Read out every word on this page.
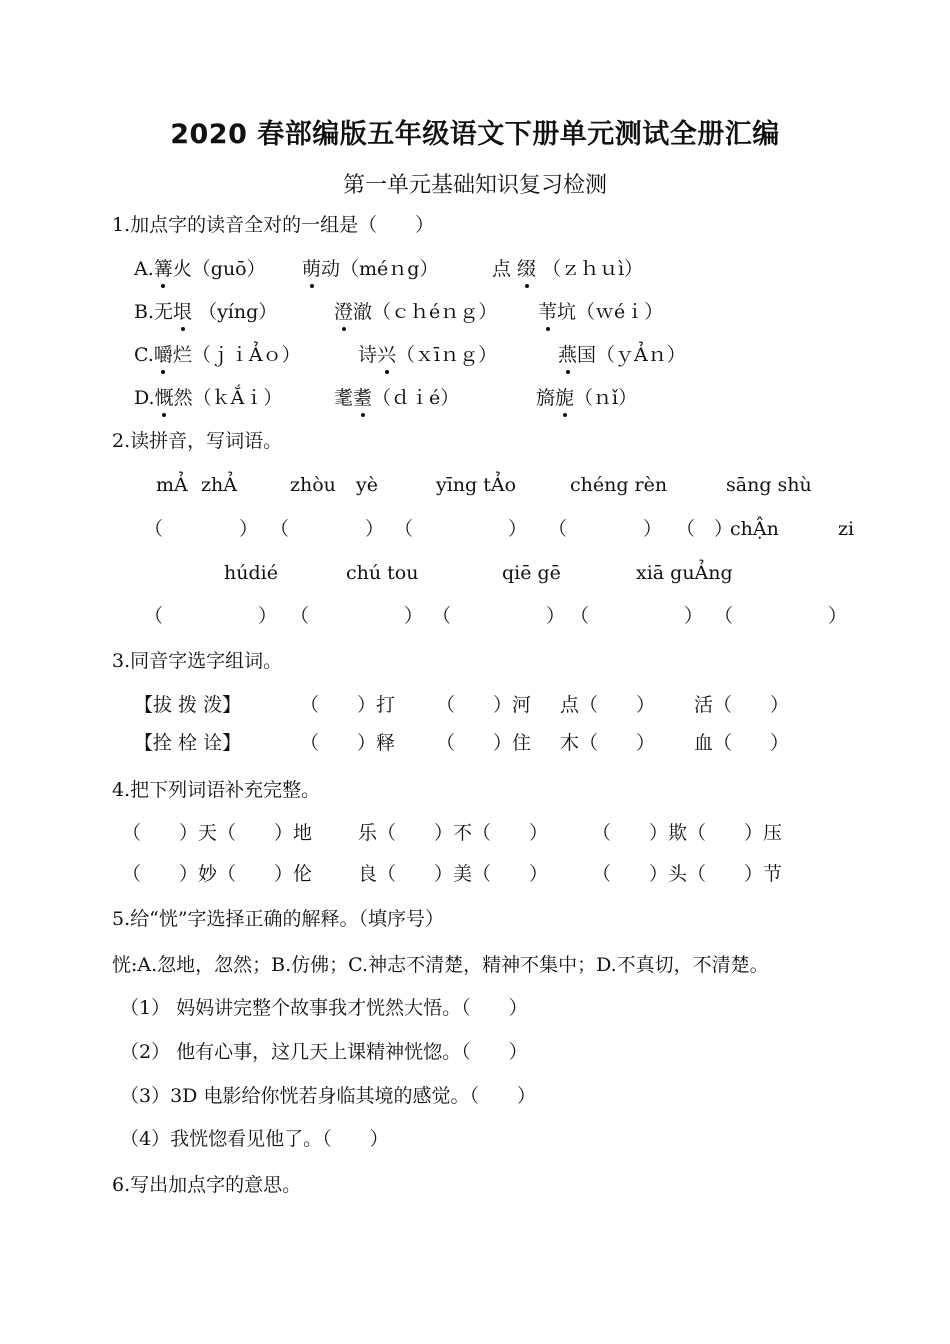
2020 春部编版五年级语文下册单元测试全册汇编
第一单元基础知识复习检测
1.加点字的读音全对的一组是（　　）
A.篝火（guō） 萌动（méｎg）	点 缀 （ｚｈｕì）
B.无垠 （yíng）	澄澈（ｃｈéｎｇ） 苇坑（ｗéｉ）
C.嚼烂（ｊｉẢｏ）	诗兴（ｘīｎｇ）	燕国（ｙẢｎ）
D.慨然（ｋẮｉ）	耄耋（ｄｉé）	旖旎（ｎǐ）
2.读拼音，写词语。
mẢ zhẢ	zhòu yè	yīng tẢo	chéng rèn	sāng shù
（　　　　） （　　　　） （　　　　　） （　　　　） （　）
chẬn	zi
húdié	chú tou	qiē gē	xiā guẢng
（　　　　　） （　　　　　） （　　　　　） （　　　　　） （　　　　　）
3.同音字选字组词。
【拔 拨 泼】	（　　）打 （　　）河 点（　　） 活（　　）
【拴 栓 诠】	（　　）释 （　　）住 木（　　） 血（　　）
4.把下列词语补充完整。
（　　）天（　　）地 乐（　　）不（　　） （　　）欺（　　）压
（　　）妙（　　）伦 良（　　）美（　　） （　　）头（　　）节
5.给“恍”字选择正确的解释。（填序号）
恍:A.忽地，忽然；B.仿佛；C.神志不清楚，精神不集中；D.不真切，不清楚。
（1） 妈妈讲完整个故事我才恍然大悟。（　　）
（2） 他有心事，这几天上课精神恍惚。（　　）
（3）3D 电影给你恍若身临其境的感觉。（　　）
（4）我恍惚看见他了。（　　）
6.写出加点字的意思。
